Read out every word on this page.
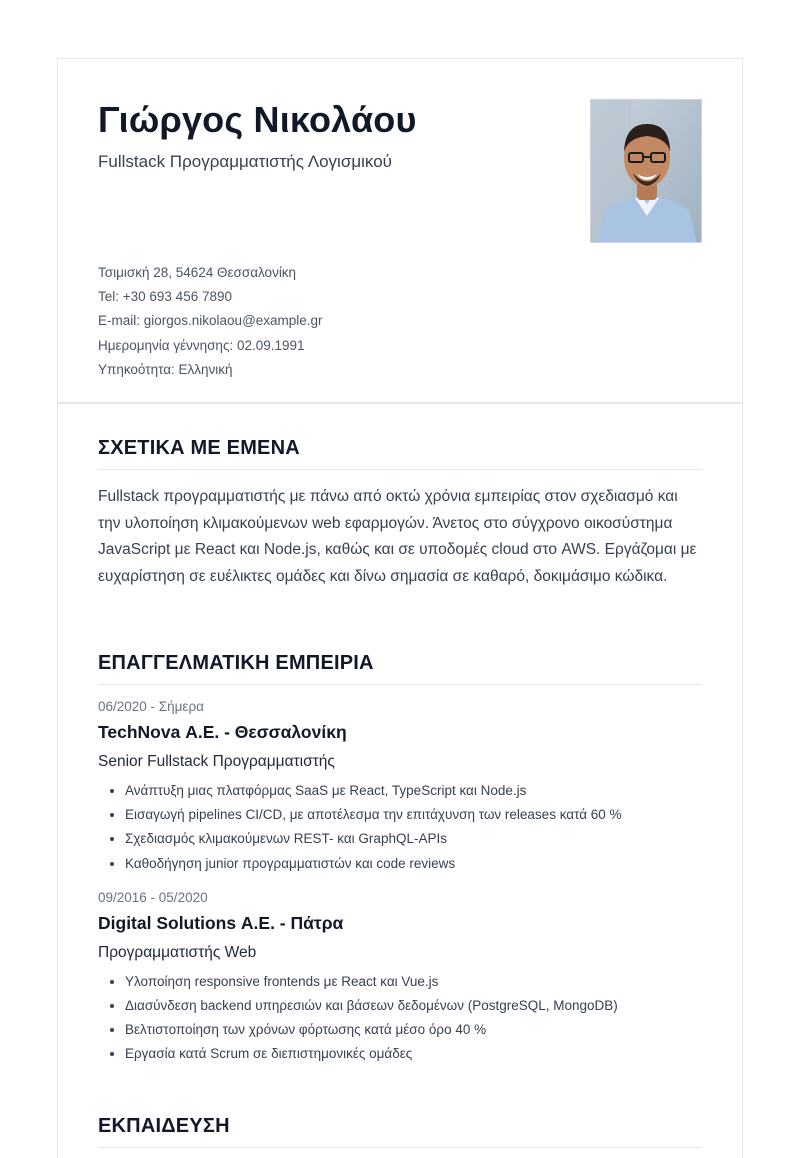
Γιώργος Νικολάου
Fullstack Προγραμματιστής Λογισμικού
Τσιμισκή 28, 54624 Θεσσαλονίκη
Tel: +30 693 456 7890
E-mail: giorgos.nikolaou@example.gr
Ημερομηνία γέννησης: 02.09.1991
Υπηκοότητα: Ελληνική
ΣΧΕΤΙΚΑ ΜΕ ΕΜΕΝΑ
Fullstack προγραμματιστής με πάνω από οκτώ χρόνια εμπειρίας στον σχεδιασμό και την υλοποίηση κλιμακούμενων web εφαρμογών. Άνετος στο σύγχρονο οικοσύστημα JavaScript με React και Node.js, καθώς και σε υποδομές cloud στο AWS. Εργάζομαι με ευχαρίστηση σε ευέλικτες ομάδες και δίνω σημασία σε καθαρό, δοκιμάσιμο κώδικα.
ΕΠΑΓΓΕΛΜΑΤΙΚΗ ΕΜΠΕΙΡΙΑ
06/2020 - Σήμερα
TechNova Α.Ε. - Θεσσαλονίκη
Senior Fullstack Προγραμματιστής
• Ανάπτυξη μιας πλατφόρμας SaaS με React, TypeScript και Node.js
• Εισαγωγή pipelines CI/CD, με αποτέλεσμα την επιτάχυνση των releases κατά 60 %
• Σχεδιασμός κλιμακούμενων REST- και GraphQL-APIs
• Καθοδήγηση junior προγραμματιστών και code reviews
09/2016 - 05/2020
Digital Solutions Α.Ε. - Πάτρα
Προγραμματιστής Web
• Υλοποίηση responsive frontends με React και Vue.js
• Διασύνδεση backend υπηρεσιών και βάσεων δεδομένων (PostgreSQL, MongoDB)
• Βελτιστοποίηση των χρόνων φόρτωσης κατά μέσο όρο 40 %
• Εργασία κατά Scrum σε διεπιστημονικές ομάδες
ΕΚΠΑΙΔΕΥΣΗ
